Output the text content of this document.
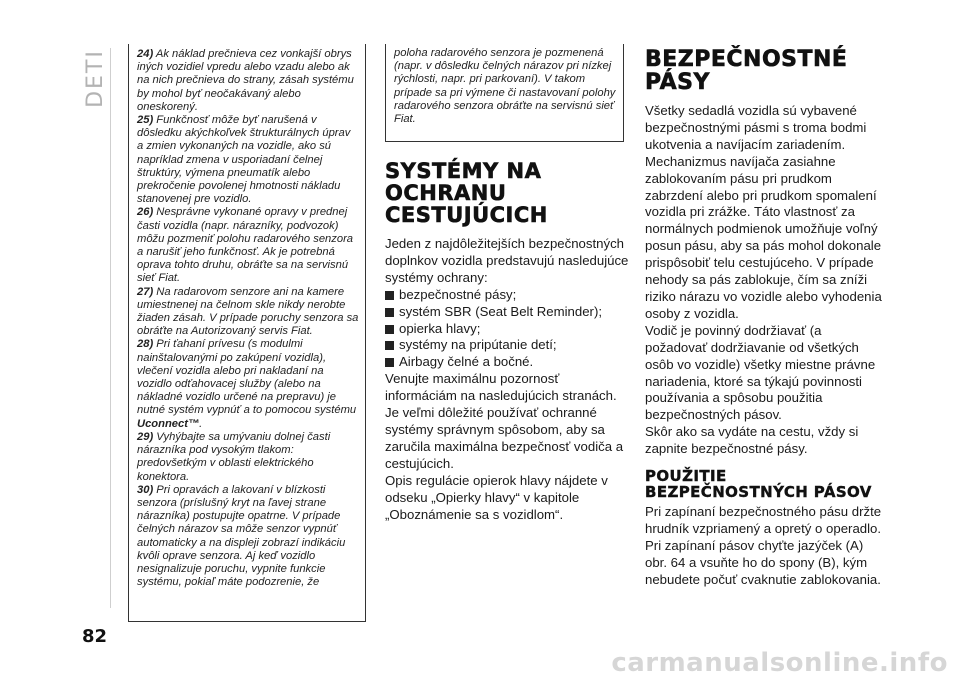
DETI	24) Ak náklad prečnieva cez vonkajší obrys iných vozidiel vpredu alebo vzadu alebo ak na nich prečnieva do strany, zásah systému by mohol byť neočakávaný alebo oneskorený.

25) Funkčnosť môže byť narušená v dôsledku akýchkoľvek štrukturálnych úprav a zmien vykonaných na vozidle, ako sú napríklad zmena v usporiadaní čelnej štruktúry, výmena pneumatík alebo prekročenie povolenej hmotnosti nákladu stanovenej pre vozidlo.

26) Nesprávne vykonané opravy v prednej časti vozidla (napr. nárazníky, podvozok) môžu pozmeniť polohu radarového senzora a narušiť jeho funkčnosť. Ak je potrebná oprava tohto druhu, obráťte sa na servisnú sieť Fiat.

27) Na radarovom senzore ani na kamere umiestnenej na čelnom skle nikdy nerobte žiaden zásah. V prípade poruchy senzora sa obráťte na Autorizovaný servis Fiat.

28) Pri ťahaní prívesu (s modulmi nainštalovanými po zakúpení vozidla), vlečení vozidla alebo pri nakladaní na vozidlo odťahovacej služby (alebo na nákladné vozidlo určené na prepravu) je nutné systém vypnúť a to pomocou systému Uconnect™.

29) Vyhýbajte sa umývaniu dolnej časti nárazníka pod vysokým tlakom: predovšetkým v oblasti elektrického konektora.

30) Pri opravách a lakovaní v blízkosti senzora (príslušný kryt na ľavej strane nárazníka) postupujte opatrne. V prípade čelných nárazov sa môže senzor vypnúť automaticky a na displeji zobrazí indikáciu kvôli oprave senzora. Aj keď vozidlo nesignalizuje poruchu, vypnite funkcie systému, pokiaľ máte podozrenie, že

poloha radarového senzora je pozmenená (napr. v dôsledku čelných nárazov pri nízkej rýchlosti, napr. pri parkovaní). V takom prípade sa pri výmene či nastavovaní polohy radarového senzora obráťte na servisnú sieť Fiat.

SYSTÉMY NA OCHRANU CESTUJÚCICH

Jeden z najdôležitejších bezpečnostných doplnkov vozidla predstavujú nasledujúce systémy ochrany:

bezpečnostné pásy;
systém SBR (Seat Belt Reminder);
opierka hlavy;
systémy na pripútanie detí;
Airbagy čelné a bočné.

Venujte maximálnu pozornosť informáciám na nasledujúcich stranách. Je veľmi dôležité používať ochranné systémy správnym spôsobom, aby sa zaručila maximálna bezpečnosť vodiča a cestujúcich.

Opis regulácie opierok hlavy nájdete v odseku „Opierky hlavy“ v kapitole „Oboznámenie sa s vozidlom“.

BEZPEČNOSTNÉ PÁSY

Všetky sedadlá vozidla sú vybavené bezpečnostnými pásmi s troma bodmi ukotvenia a navíjacím zariadením.

Mechanizmus navíjača zasiahne zablokovaním pásu pri prudkom zabrzdení alebo pri prudkom spomalení vozidla pri zrážke. Táto vlastnosť za normálnych podmienok umožňuje voľný posun pásu, aby sa pás mohol dokonale prispôsobiť telu cestujúceho. V prípade nehody sa pás zablokuje, čím sa zníži riziko nárazu vo vozidle alebo vyhodenia osoby z vozidla.

Vodič je povinný dodržiavať (a požadovať dodržiavanie od všetkých osôb vo vozidle) všetky miestne právne nariadenia, ktoré sa týkajú povinnosti používania a spôsobu použitia bezpečnostných pásov.

Skôr ako sa vydáte na cestu, vždy si zapnite bezpečnostné pásy.

POUŽITIE BEZPEČNOSTNÝCH PÁSOV

Pri zapínaní bezpečnostného pásu držte hrudník vzpriamený a opretý o operadlo.

Pri zapínaní pásov chyťte jazýček (A) obr. 64 a vsuňte ho do spony (B), kým nebudete počuť cvaknutie zablokovania.

82
carmanualsonline.info
